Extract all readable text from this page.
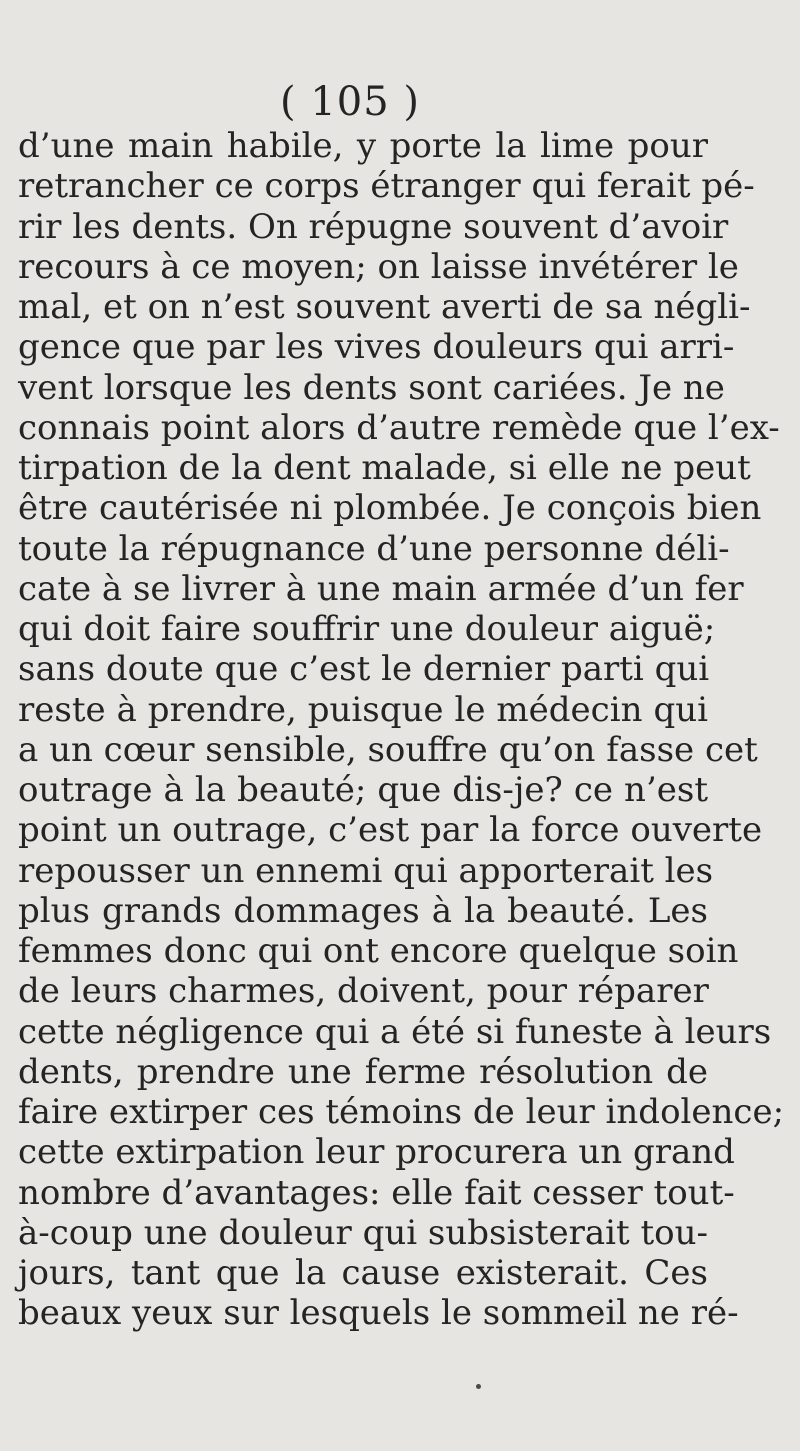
( 105 )
d’une main habile, y porte la lime pour
retrancher ce corps étranger qui ferait pé-
rir les dents. On répugne souvent d’avoir
recours à ce moyen; on laisse invétérer le
mal, et on n’est souvent averti de sa négli-
gence que par les vives douleurs qui arri-
vent lorsque les dents sont cariées. Je ne
connais point alors d’autre remède que l’ex-
tirpation de la dent malade, si elle ne peut
être cautérisée ni plombée. Je conçois bien
toute la répugnance d’une personne déli-
cate à se livrer à une main armée d’un fer
qui doit faire souffrir une douleur aiguë;
sans doute que c’est le dernier parti qui
reste à prendre, puisque le médecin qui
a un cœur sensible, souffre qu’on fasse cet
outrage à la beauté; que dis-je? ce n’est
point un outrage, c’est par la force ouverte
repousser un ennemi qui apporterait les
plus grands dommages à la beauté. Les
femmes donc qui ont encore quelque soin
de leurs charmes, doivent, pour réparer
cette négligence qui a été si funeste à leurs
dents, prendre une ferme résolution de
faire extirper ces témoins de leur indolence;
cette extirpation leur procurera un grand
nombre d’avantages: elle fait cesser tout-
à-coup une douleur qui subsisterait tou-
jours, tant que la cause existerait. Ces
beaux yeux sur lesquels le sommeil ne ré-
